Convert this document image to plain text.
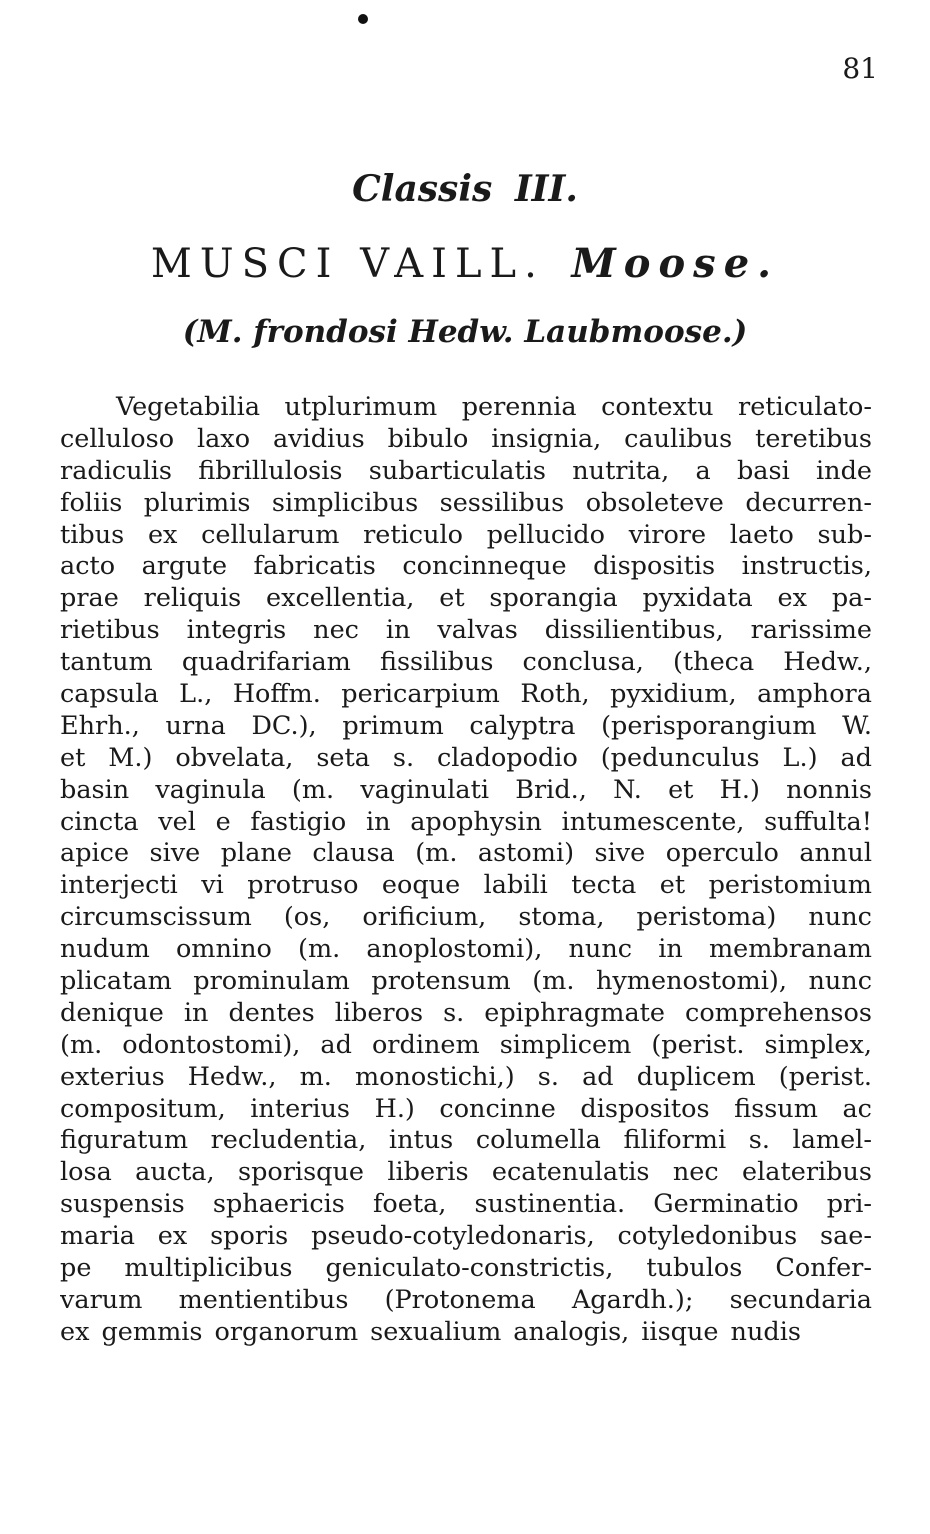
81
Classis III.
MUSCI VAILL. Moose.
(M. frondosi Hedw. Laubmoose.)
Vegetabilia utplurimum perennia contextu reticulato-
celluloso laxo avidius bibulo insignia, caulibus teretibus
radiculis fibrillulosis subarticulatis nutrita, a basi inde
foliis plurimis simplicibus sessilibus obsoleteve decurren-
tibus ex cellularum reticulo pellucido virore laeto sub-
acto argute fabricatis concinneque dispositis instructis,
prae reliquis excellentia, et sporangia pyxidata ex pa-
rietibus integris nec in valvas dissilientibus, rarissime
tantum quadrifariam fissilibus conclusa, (theca Hedw.,
capsula L., Hoffm. pericarpium Roth, pyxidium, amphora
Ehrh., urna DC.), primum calyptra (perisporangium W.
et M.) obvelata, seta s. cladopodio (pedunculus L.) ad
basin vaginula (m. vaginulati Brid., N. et H.) nonnis
cincta vel e fastigio in apophysin intumescente, suffulta!
apice sive plane clausa (m. astomi) sive operculo annul
interjecti vi protruso eoque labili tecta et peristomium
circumscissum (os, orificium, stoma, peristoma) nunc
nudum omnino (m. anoplostomi), nunc in membranam
plicatam prominulam protensum (m. hymenostomi), nunc
denique in dentes liberos s. epiphragmate comprehensos
(m. odontostomi), ad ordinem simplicem (perist. simplex,
exterius Hedw., m. monostichi,) s. ad duplicem (perist.
compositum, interius H.) concinne dispositos fissum ac
figuratum recludentia, intus columella filiformi s. lamel-
losa aucta, sporisque liberis ecatenulatis nec elateribus
suspensis sphaericis foeta, sustinentia. Germinatio pri-
maria ex sporis pseudo-cotyledonaris, cotyledonibus sae-
pe multiplicibus geniculato-constrictis, tubulos Confer-
varum mentientibus (Protonema Agardh.); secundaria
ex gemmis organorum sexualium analogis, iisque nudis
